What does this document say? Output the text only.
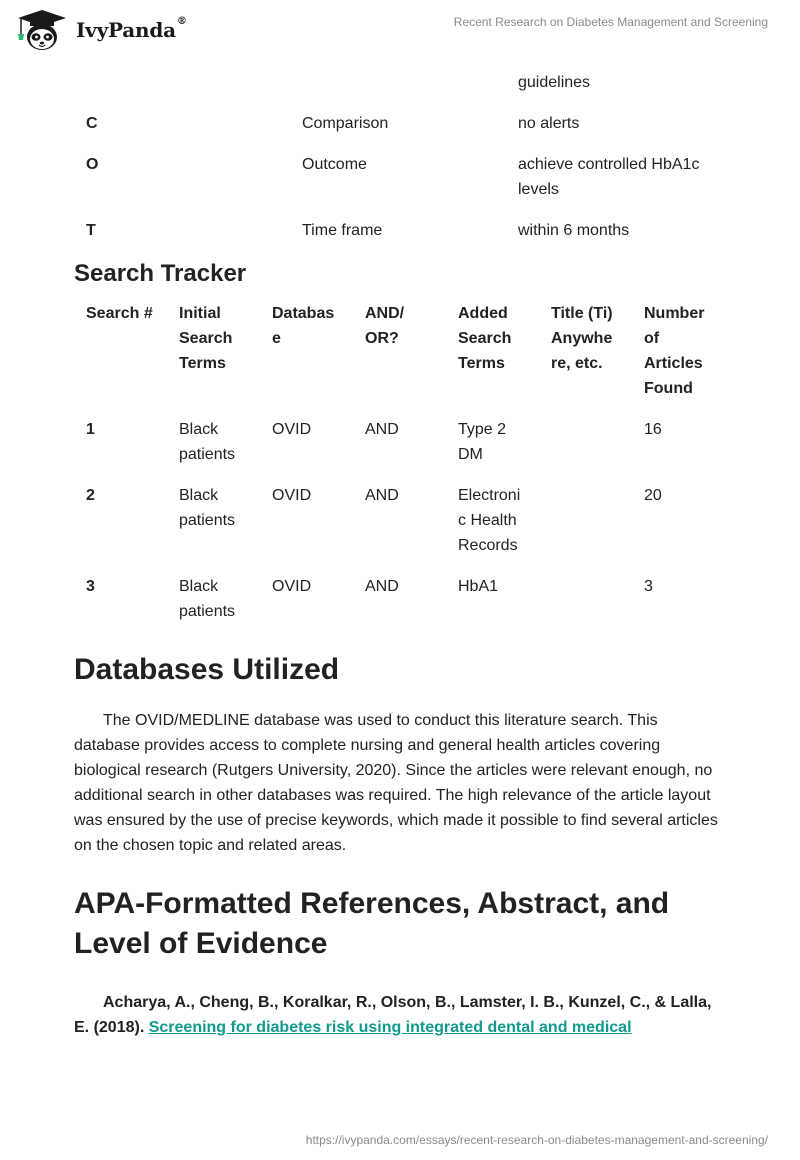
IvyPanda®	Recent Research on Diabetes Management and Screening
		guidelines
C	Comparison	no alerts
O	Outcome	achieve controlled HbA1c levels
T	Time frame	within 6 months
Search Tracker
Search #	Initial Search Terms	Databas e	AND/ OR?	Added Search Terms	Title (Ti) Anywhe re, etc.	Number of Articles Found
1	Black patients	OVID	AND	Type 2 DM		16
2	Black patients	OVID	AND	Electroni c Health Records		20
3	Black patients	OVID	AND	HbA1		3
Databases Utilized

The OVID/MEDLINE database was used to conduct this literature search. This database provides access to complete nursing and general health articles covering biological research (Rutgers University, 2020). Since the articles were relevant enough, no additional search in other databases was required. The high relevance of the article layout was ensured by the use of precise keywords, which made it possible to find several articles on the chosen topic and related areas.

APA-Formatted References, Abstract, and Level of Evidence

Acharya, A., Cheng, B., Koralkar, R., Olson, B., Lamster, I. B., Kunzel, C., & Lalla, E. (2018). Screening for diabetes risk using integrated dental and medical

https://ivypanda.com/essays/recent-research-on-diabetes-management-and-screening/
